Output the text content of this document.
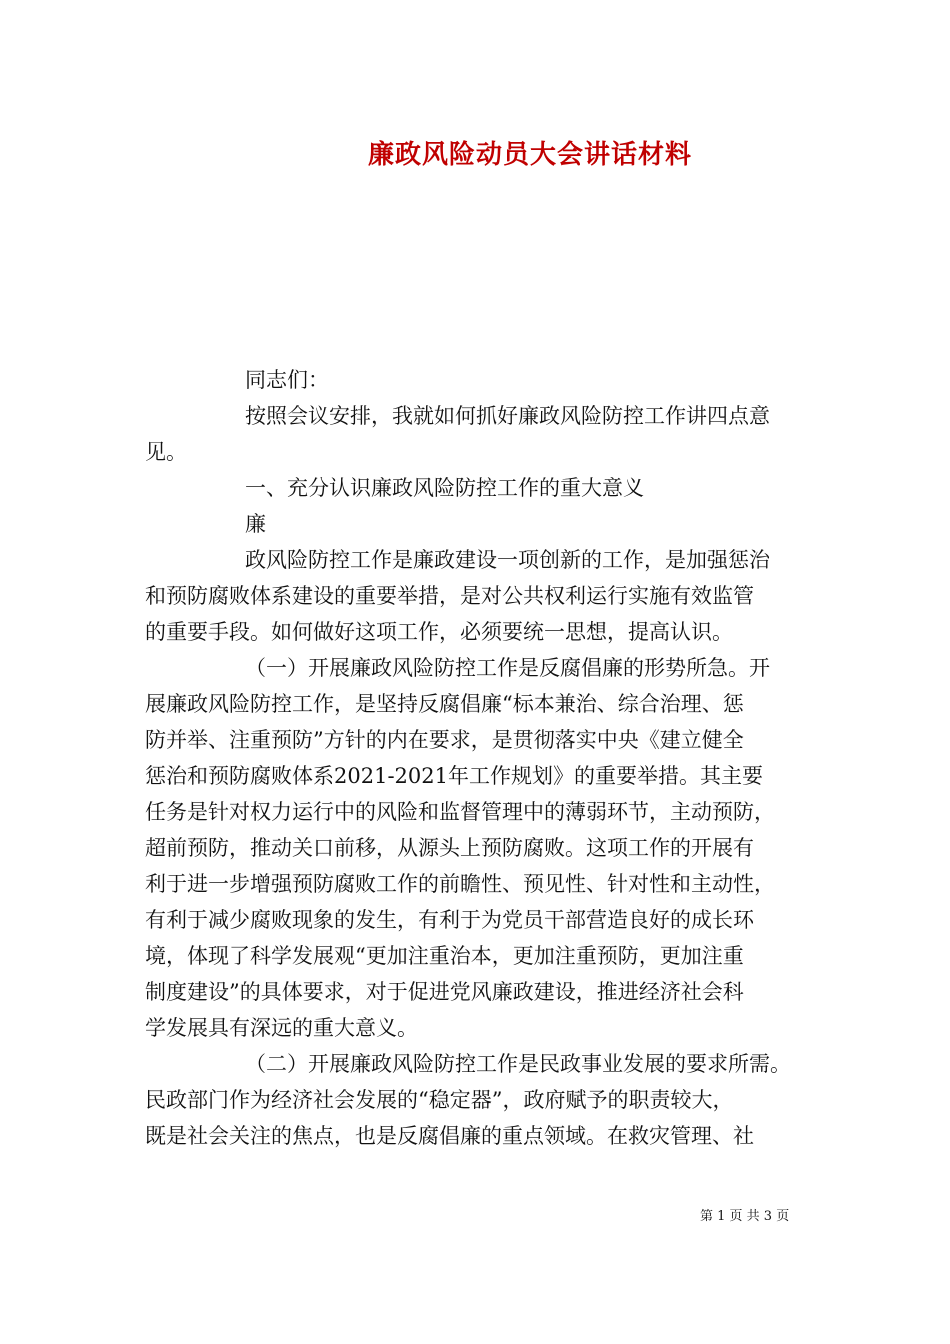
廉政风险动员大会讲话材料
同志们：
按照会议安排，我就如何抓好廉政风险防控工作讲四点意
见。
一、充分认识廉政风险防控工作的重大意义
廉
政风险防控工作是廉政建设一项创新的工作，是加强惩治
和预防腐败体系建设的重要举措，是对公共权利运行实施有效监管
的重要手段。如何做好这项工作，必须要统一思想，提高认识。
（一）开展廉政风险防控工作是反腐倡廉的形势所急。开
展廉政风险防控工作，是坚持反腐倡廉“标本兼治、综合治理、惩
防并举、注重预防”方针的内在要求，是贯彻落实中央《建立健全
惩治和预防腐败体系2021-2021年工作规划》的重要举措。其主要
任务是针对权力运行中的风险和监督管理中的薄弱环节，主动预防，
超前预防，推动关口前移，从源头上预防腐败。这项工作的开展有
利于进一步增强预防腐败工作的前瞻性、预见性、针对性和主动性，
有利于减少腐败现象的发生，有利于为党员干部营造良好的成长环
境，体现了科学发展观“更加注重治本，更加注重预防，更加注重
制度建设”的具体要求，对于促进党风廉政建设，推进经济社会科
学发展具有深远的重大意义。
（二）开展廉政风险防控工作是民政事业发展的要求所需。
民政部门作为经济社会发展的“稳定器”，政府赋予的职责较大，
既是社会关注的焦点，也是反腐倡廉的重点领域。在救灾管理、社
第 1 页 共 3 页
